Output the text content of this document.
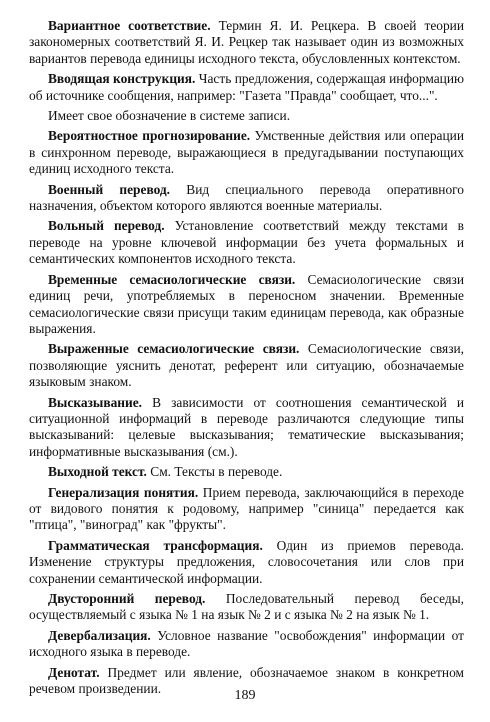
Вариантное соответствие. Термин Я. И. Рецкера. В своей теории закономерных соответствий Я. И. Рецкер так называет один из возможных вариантов перевода единицы исходного текста, обусловленных контекстом.

Вводящая конструкция. Часть предложения, содержащая информацию об источнике сообщения, например: "Газета "Правда" сообщает, что...".

Имеет свое обозначение в системе записи.

Вероятностное прогнозирование. Умственные действия или операции в синхронном переводе, выражающиеся в предугадывании поступающих единиц исходного текста.

Военный перевод. Вид специального перевода оперативного назначения, объектом которого являются военные материалы.

Вольный перевод. Установление соответствий между текстами в переводе на уровне ключевой информации без учета формальных и семантических компонентов исходного текста.

Временные семасиологические связи. Семасиологические связи единиц речи, употребляемых в переносном значении. Временные семасиологические связи присущи таким единицам перевода, как образные выражения.

Выраженные семасиологические связи. Семасиологические связи, позволяющие уяснить денотат, референт или ситуацию, обозначаемые языковым знаком.

Высказывание. В зависимости от соотношения семантической и ситуационной информаций в переводе различаются следующие типы высказываний: целевые высказывания; тематические высказывания; информативные высказывания (см.).

Выходной текст. См. Тексты в переводе.

Генерализация понятия. Прием перевода, заключающийся в переходе от видового понятия к родовому, например "синица" передается как "птица", "виноград" как "фрукты".

Грамматическая трансформация. Один из приемов перевода. Изменение структуры предложения, словосочетания или слов при сохранении семантической информации.

Двусторонний перевод. Последовательный перевод беседы, осуществляемый с языка № 1 на язык № 2 и с языка № 2 на язык № 1.

Девербализация. Условное название "освобождения" информации от исходного языка в переводе.

Денотат. Предмет или явление, обозначаемое знаком в конкретном речевом произведении.	189
